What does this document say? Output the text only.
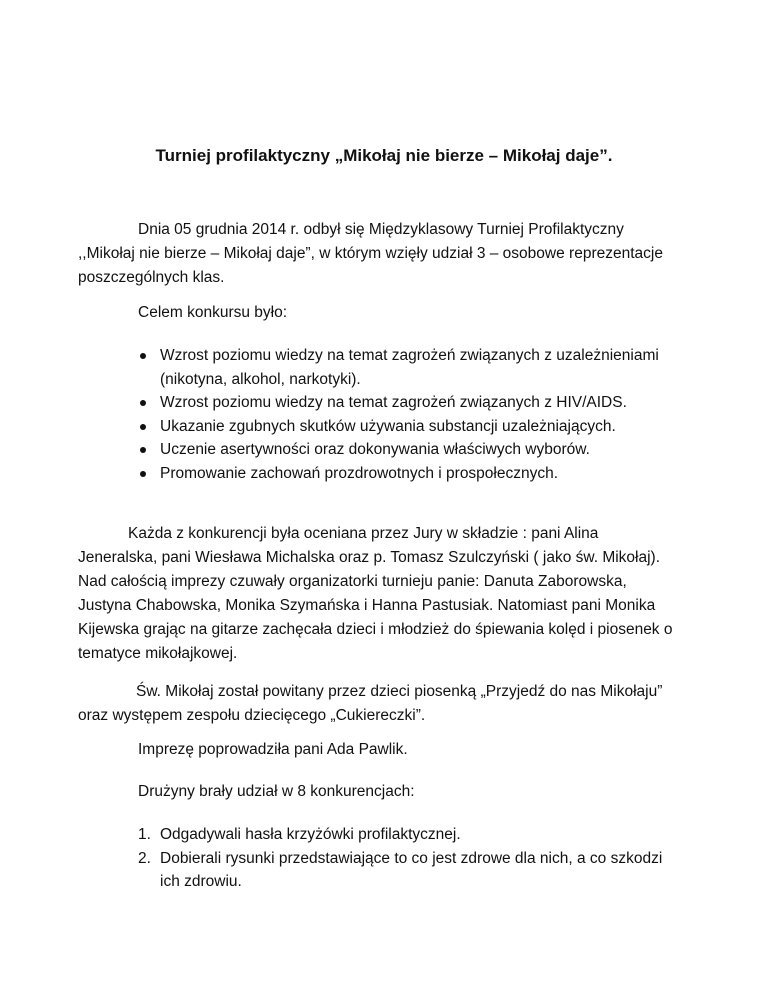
Turniej profilaktyczny „Mikołaj nie bierze – Mikołaj daje”.

Dnia 05 grudnia 2014 r. odbył się Międzyklasowy Turniej Profilaktyczny ,,Mikołaj nie bierze – Mikołaj daje”, w którym wzięły udział 3 – osobowe reprezentacje poszczególnych klas.

Celem konkursu było:
Wzrost poziomu wiedzy na temat zagrożeń związanych z uzależnieniami (nikotyna, alkohol, narkotyki).
Wzrost poziomu wiedzy na temat zagrożeń związanych z HIV/AIDS.
Ukazanie zgubnych skutków używania substancji uzależniających.
Uczenie asertywności oraz dokonywania właściwych wyborów.
Promowanie zachowań prozdrowotnych i prospołecznych.

Każda z konkurencji była oceniana przez Jury w składzie : pani Alina Jeneralska, pani Wiesława Michalska oraz p. Tomasz Szulczyński ( jako św. Mikołaj). Nad całością imprezy czuwały organizatorki turnieju panie: Danuta Zaborowska, Justyna Chabowska, Monika Szymańska i Hanna Pastusiak. Natomiast pani Monika Kijewska grając na gitarze zachęcała dzieci i młodzież do śpiewania kolęd i piosenek o tematyce mikołajkowej.

Św. Mikołaj został powitany przez dzieci piosenką „Przyjedź do nas Mikołaju” oraz występem zespołu dziecięcego „Cukiereczki”.

Imprezę poprowadziła pani Ada Pawlik.
Drużyny brały udział w 8 konkurencjach:
1. Odgadywali hasła krzyżówki profilaktycznej.
2. Dobierali rysunki przedstawiające to co jest zdrowe dla nich, a co szkodzi ich zdrowiu.
